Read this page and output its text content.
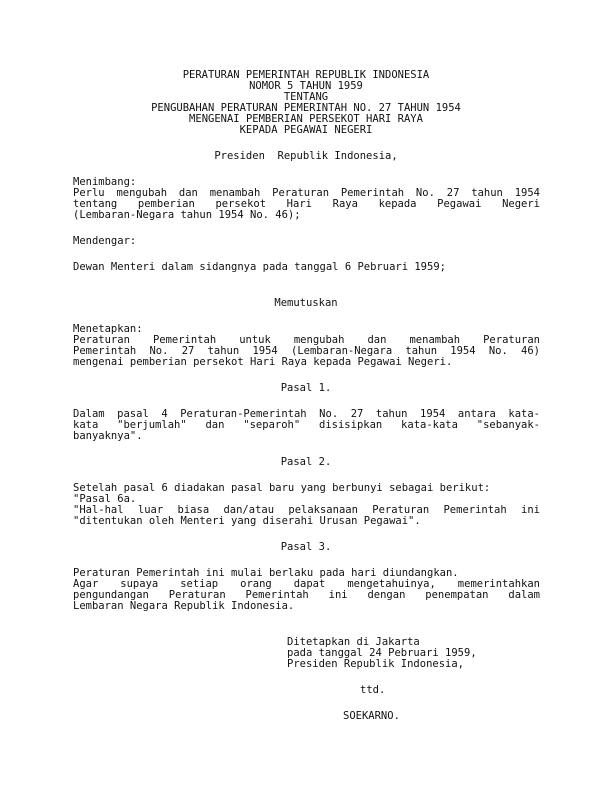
PERATURAN PEMERINTAH REPUBLIK INDONESIA
NOMOR 5 TAHUN 1959
TENTANG
PENGUBAHAN PERATURAN PEMERINTAH NO. 27 TAHUN 1954
MENGENAI PEMBERIAN PERSEKOT HARI RAYA
KEPADA PEGAWAI NEGERI
Presiden  Republik Indonesia,
Menimbang:
Perlu mengubah dan menambah Peraturan Pemerintah No. 27 tahun 1954
tentang pemberian persekot Hari Raya kepada Pegawai Negeri
(Lembaran-Negara tahun 1954 No. 46);
Mendengar:
Dewan Menteri dalam sidangnya pada tanggal 6 Pebruari 1959;
Memutuskan
Menetapkan:
Peraturan Pemerintah untuk mengubah dan menambah Peraturan
Pemerintah No. 27 tahun 1954 (Lembaran-Negara tahun 1954 No. 46)
mengenai pemberian persekot Hari Raya kepada Pegawai Negeri.
Pasal 1.
Dalam pasal 4 Peraturan-Pemerintah No. 27 tahun 1954 antara kata-
kata "berjumlah" dan "separoh" disisipkan kata-kata "sebanyak-
banyaknya".
Pasal 2.
Setelah pasal 6 diadakan pasal baru yang berbunyi sebagai berikut:
"Pasal 6a.
"Hal-hal luar biasa dan/atau pelaksanaan Peraturan Pemerintah ini
"ditentukan oleh Menteri yang diserahi Urusan Pegawai".
Pasal 3.
Peraturan Pemerintah ini mulai berlaku pada hari diundangkan.
Agar supaya setiap orang dapat mengetahuinya, memerintahkan
pengundangan Peraturan Pemerintah ini dengan penempatan dalam
Lembaran Negara Republik Indonesia.
Ditetapkan di Jakarta
pada tanggal 24 Pebruari 1959,
Presiden Republik Indonesia,
ttd.
SOEKARNO.
